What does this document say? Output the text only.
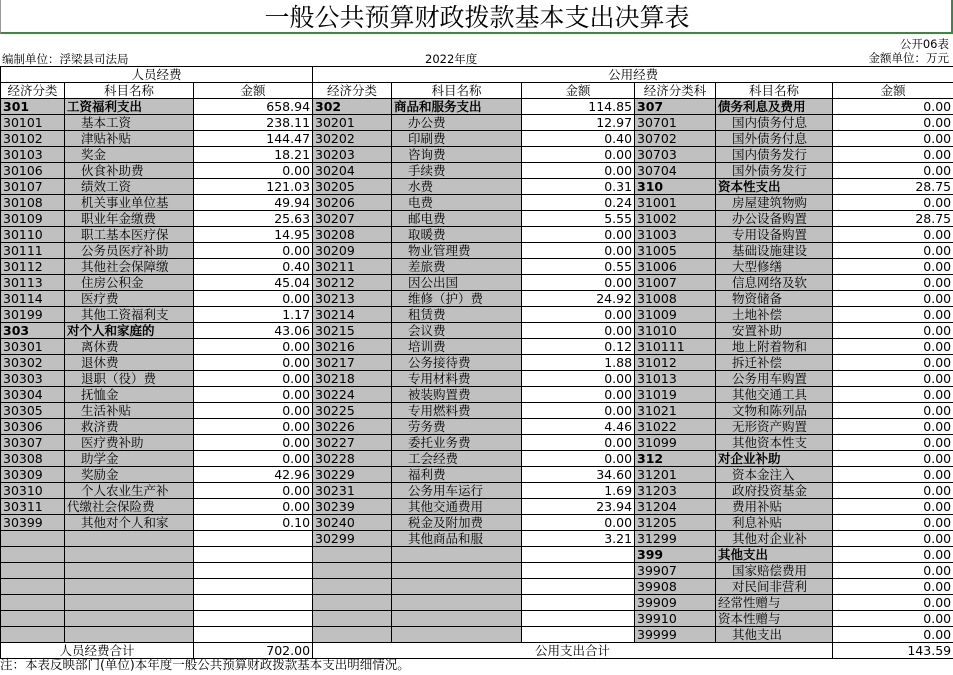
一般公共预算财政拨款基本支出决算表
公开06表
编制单位：浮梁县司法局	2022年度	金额单位：万元
人员经费			公用经费					
经济分类	科目名称	金额	经济分类	科目名称	金额	经济分类科	科目名称	金额
301	工资福利支出	658.94	302	商品和服务支出	114.85	307	债务利息及费用	0.00
30101	基本工资	238.11	30201	办公费	12.97	30701	国内债务付息	0.00
30102	津贴补贴	144.47	30202	印刷费	0.40	30702	国外债务付息	0.00
30103	奖金	18.21	30203	咨询费	0.00	30703	国内债务发行	0.00
30106	伙食补助费	0.00	30204	手续费	0.00	30704	国外债务发行	0.00
30107	绩效工资	121.03	30205	水费	0.31	310	资本性支出	28.75
30108	机关事业单位基	49.94	30206	电费	0.24	31001	房屋建筑物购	0.00
30109	职业年金缴费	25.63	30207	邮电费	5.55	31002	办公设备购置	28.75
30110	职工基本医疗保	14.95	30208	取暖费	0.00	31003	专用设备购置	0.00
30111	公务员医疗补助	0.00	30209	物业管理费	0.00	31005	基础设施建设	0.00
30112	其他社会保障缴	0.40	30211	差旅费	0.55	31006	大型修缮	0.00
30113	住房公积金	45.04	30212	因公出国	0.00	31007	信息网络及软	0.00
30114	医疗费	0.00	30213	维修（护）费	24.92	31008	物资储备	0.00
30199	其他工资福利支	1.17	30214	租赁费	0.00	31009	土地补偿	0.00
303	对个人和家庭的	43.06	30215	会议费	0.00	31010	安置补助	0.00
30301	离休费	0.00	30216	培训费	0.12	310111	地上附着物和	0.00
30302	退休费	0.00	30217	公务接待费	1.88	31012	拆迁补偿	0.00
30303	退职（役）费	0.00	30218	专用材料费	0.00	31013	公务用车购置	0.00
30304	抚恤金	0.00	30224	被装购置费	0.00	31019	其他交通工具	0.00
30305	生活补贴	0.00	30225	专用燃料费	0.00	31021	文物和陈列品	0.00
30306	救济费	0.00	30226	劳务费	4.46	31022	无形资产购置	0.00
30307	医疗费补助	0.00	30227	委托业务费	0.00	31099	其他资本性支	0.00
30308	助学金	0.00	30228	工会经费	0.00	312	对企业补助	0.00
30309	奖励金	42.96	30229	福利费	34.60	31201	资本金注入	0.00
30310	个人农业生产补	0.00	30231	公务用车运行	1.69	31203	政府投资基金	0.00
30311	代缴社会保险费	0.00	30239	其他交通费用	23.94	31204	费用补贴	0.00
30399	其他对个人和家	0.10	30240	税金及附加费	0.00	31205	利息补贴	0.00
			30299	其他商品和服	3.21	31299	其他对企业补	0.00
						399	其他支出	0.00
						39907	国家赔偿费用	0.00
						39908	对民间非营利	0.00
						39909	经常性赠与	0.00
						39910	资本性赠与	0.00
						39999	其他支出	0.00
人员经费合计		702.00	公用支出合计					143.59
注：本表反映部门(单位)本年度一般公共预算财政拨款基本支出明细情况。
